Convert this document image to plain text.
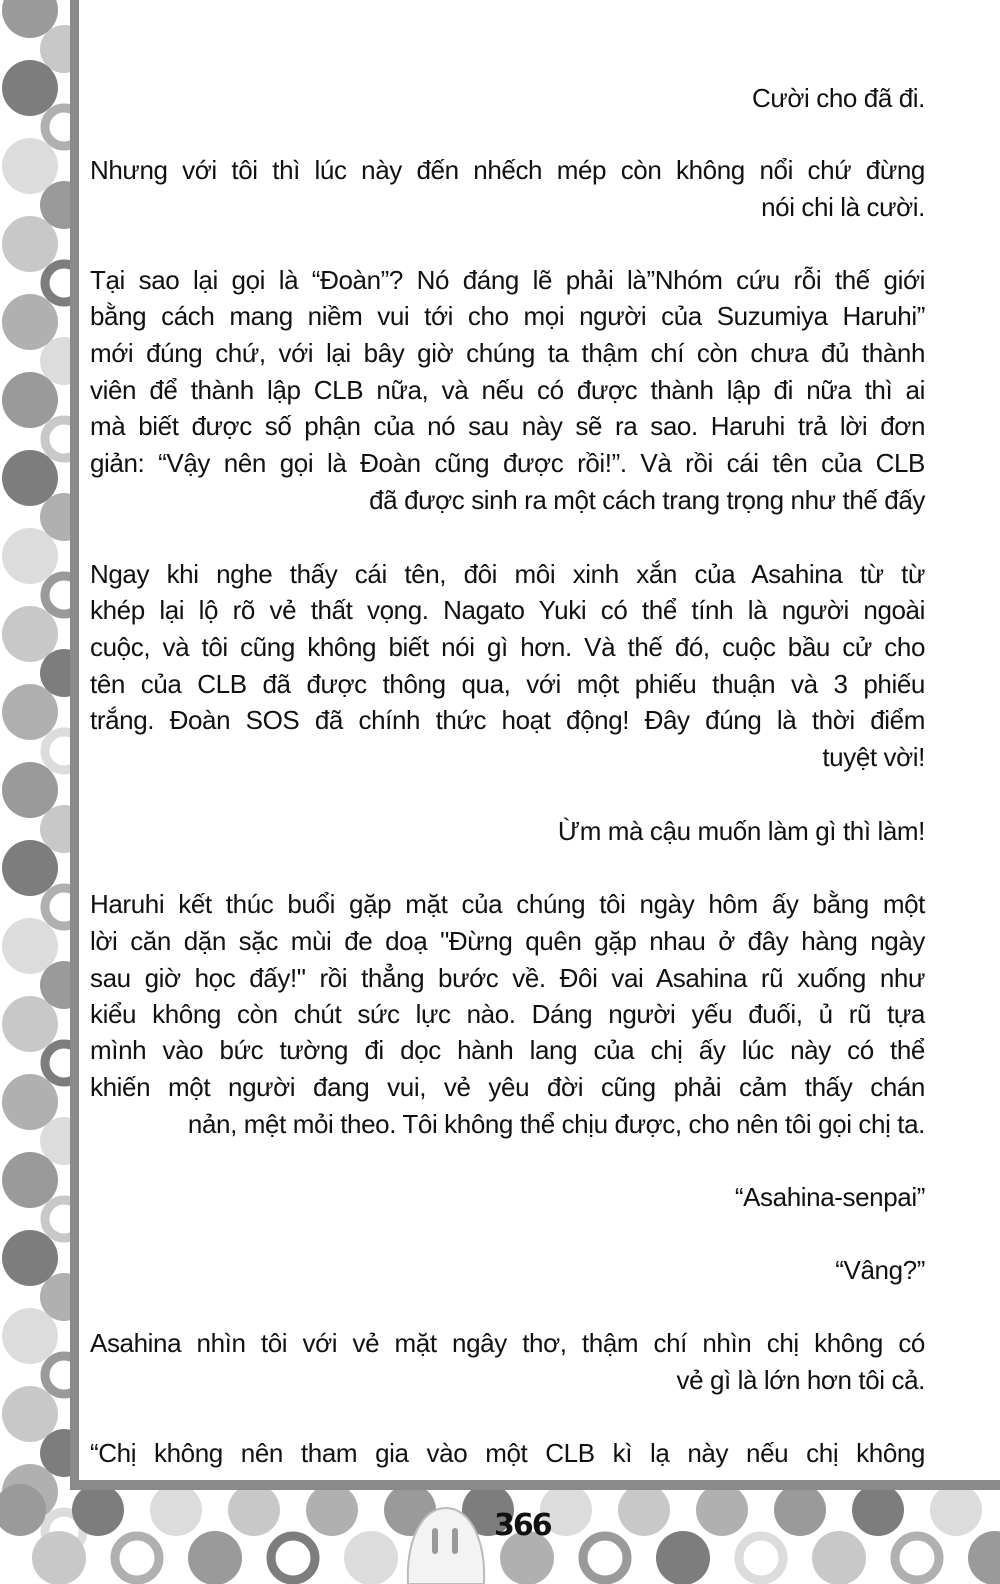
Cười cho đã đi.
Nhưng với tôi thì lúc này đến nhếch mép còn không nổi chứ đừng
nói chi là cười.
Tại sao lại gọi là “Đoàn”? Nó đáng lẽ phải là”Nhóm cứu rỗi thế giới
bằng cách mang niềm vui tới cho mọi người của Suzumiya Haruhi”
mới đúng chứ, với lại bây giờ chúng ta thậm chí còn chưa đủ thành
viên để thành lập CLB nữa, và nếu có được thành lập đi nữa thì ai
mà biết được số phận của nó sau này sẽ ra sao. Haruhi trả lời đơn
giản: “Vậy nên gọi là Đoàn cũng được rồi!”. Và rồi cái tên của CLB
đã được sinh ra một cách trang trọng như thế đấy
Ngay khi nghe thấy cái tên, đôi môi xinh xắn của Asahina từ từ
khép lại lộ rõ vẻ thất vọng. Nagato Yuki có thể tính là người ngoài
cuộc, và tôi cũng không biết nói gì hơn. Và thế đó, cuộc bầu cử cho
tên của CLB đã được thông qua, với một phiếu thuận và 3 phiếu
trắng. Đoàn SOS đã chính thức hoạt động! Đây đúng là thời điểm
tuyệt vời!
Ừm mà cậu muốn làm gì thì làm!
Haruhi kết thúc buổi gặp mặt của chúng tôi ngày hôm ấy bằng một
lời căn dặn sặc mùi đe doạ "Đừng quên gặp nhau ở đây hàng ngày
sau giờ học đấy!" rồi thẳng bước về. Đôi vai Asahina rũ xuống như
kiểu không còn chút sức lực nào. Dáng người yếu đuối, ủ rũ tựa
mình vào bức tường đi dọc hành lang của chị ấy lúc này có thể
khiến một người đang vui, vẻ yêu đời cũng phải cảm thấy chán
nản, mệt mỏi theo. Tôi không thể chịu được, cho nên tôi gọi chị ta.
“Asahina-senpai”
“Vâng?”
Asahina nhìn tôi với vẻ mặt ngây thơ, thậm chí nhìn chị không có
vẻ gì là lớn hơn tôi cả.
“Chị không nên tham gia vào một CLB kì lạ này nếu chị không
366
